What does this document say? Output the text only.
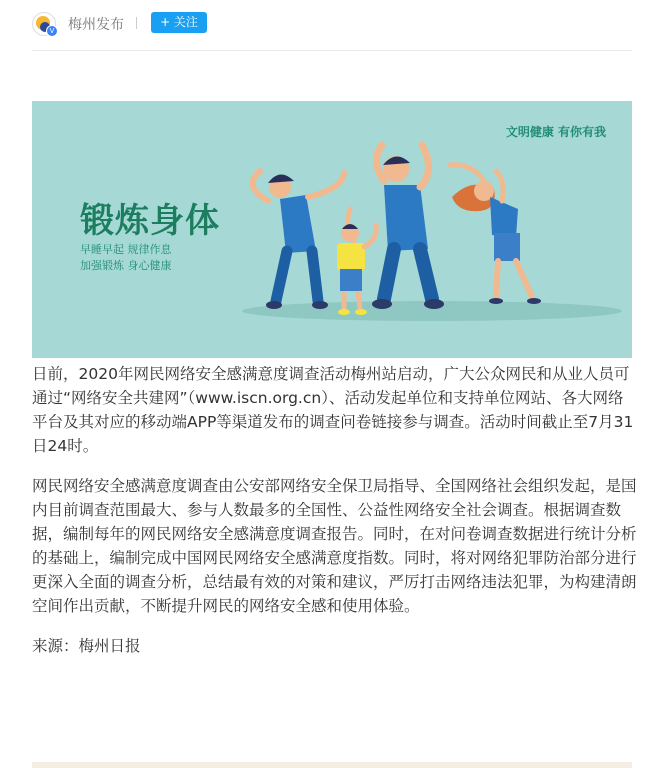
V 梅州发布	+ 关注
文明健康 有你有我
锻炼身体
早睡早起 规律作息
加强锻炼 身心健康

日前，2020年网民网络安全感满意度调查活动梅州站启动，广大公众网民和从业人员可通过“网络安全共建网”（www.iscn.org.cn）、活动发起单位和支持单位网站、各大网络平台及其对应的移动端APP等渠道发布的调查问卷链接参与调查。活动时间截止至7月31日24时。

网民网络安全感满意度调查由公安部网络安全保卫局指导、全国网络社会组织发起，是国内目前调查范围最大、参与人数最多的全国性、公益性网络安全社会调查。根据调查数据，编制每年的网民网络安全感满意度调查报告。同时，在对问卷调查数据进行统计分析的基础上，编制完成中国网民网络安全感满意度指数。同时，将对网络犯罪防治部分进行更深入全面的调查分析，总结最有效的对策和建议，严厉打击网络违法犯罪，为构建清朗空间作出贡献，不断提升网民的网络安全感和使用体验。

来源：梅州日报
